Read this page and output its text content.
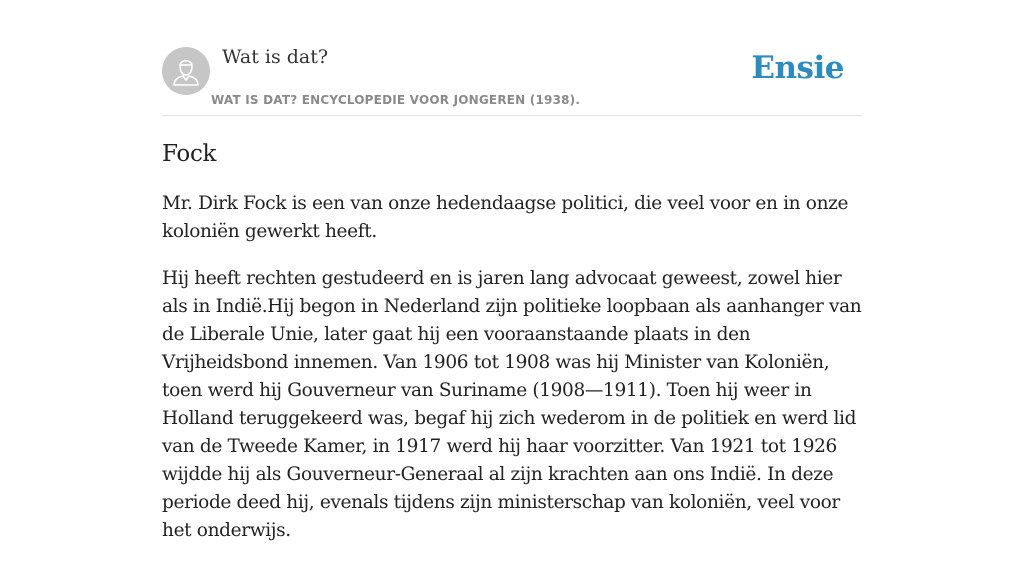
Wat is dat?
WAT IS DAT? ENCYCLOPEDIE VOOR JONGEREN (1938).
Ensie
Fock

Mr. Dirk Fock is een van onze hedendaagse politici, die veel voor en in onze koloniën gewerkt heeft.

Hij heeft rechten gestudeerd en is jaren lang advocaat geweest, zowel hier als in Indië.Hij begon in Nederland zijn politieke loopbaan als aanhanger van de Liberale Unie, later gaat hij een vooraanstaande plaats in den Vrijheidsbond innemen. Van 1906 tot 1908 was hij Minister van Koloniën, toen werd hij Gouverneur van Suriname (1908—1911). Toen hij weer in Holland teruggekeerd was, begaf hij zich wederom in de politiek en werd lid van de Tweede Kamer, in 1917 werd hij haar voorzitter. Van 1921 tot 1926 wijdde hij als Gouverneur-Generaal al zijn krachten aan ons Indië. In deze periode deed hij, evenals tijdens zijn ministerschap van koloniën, veel voor het onderwijs.
